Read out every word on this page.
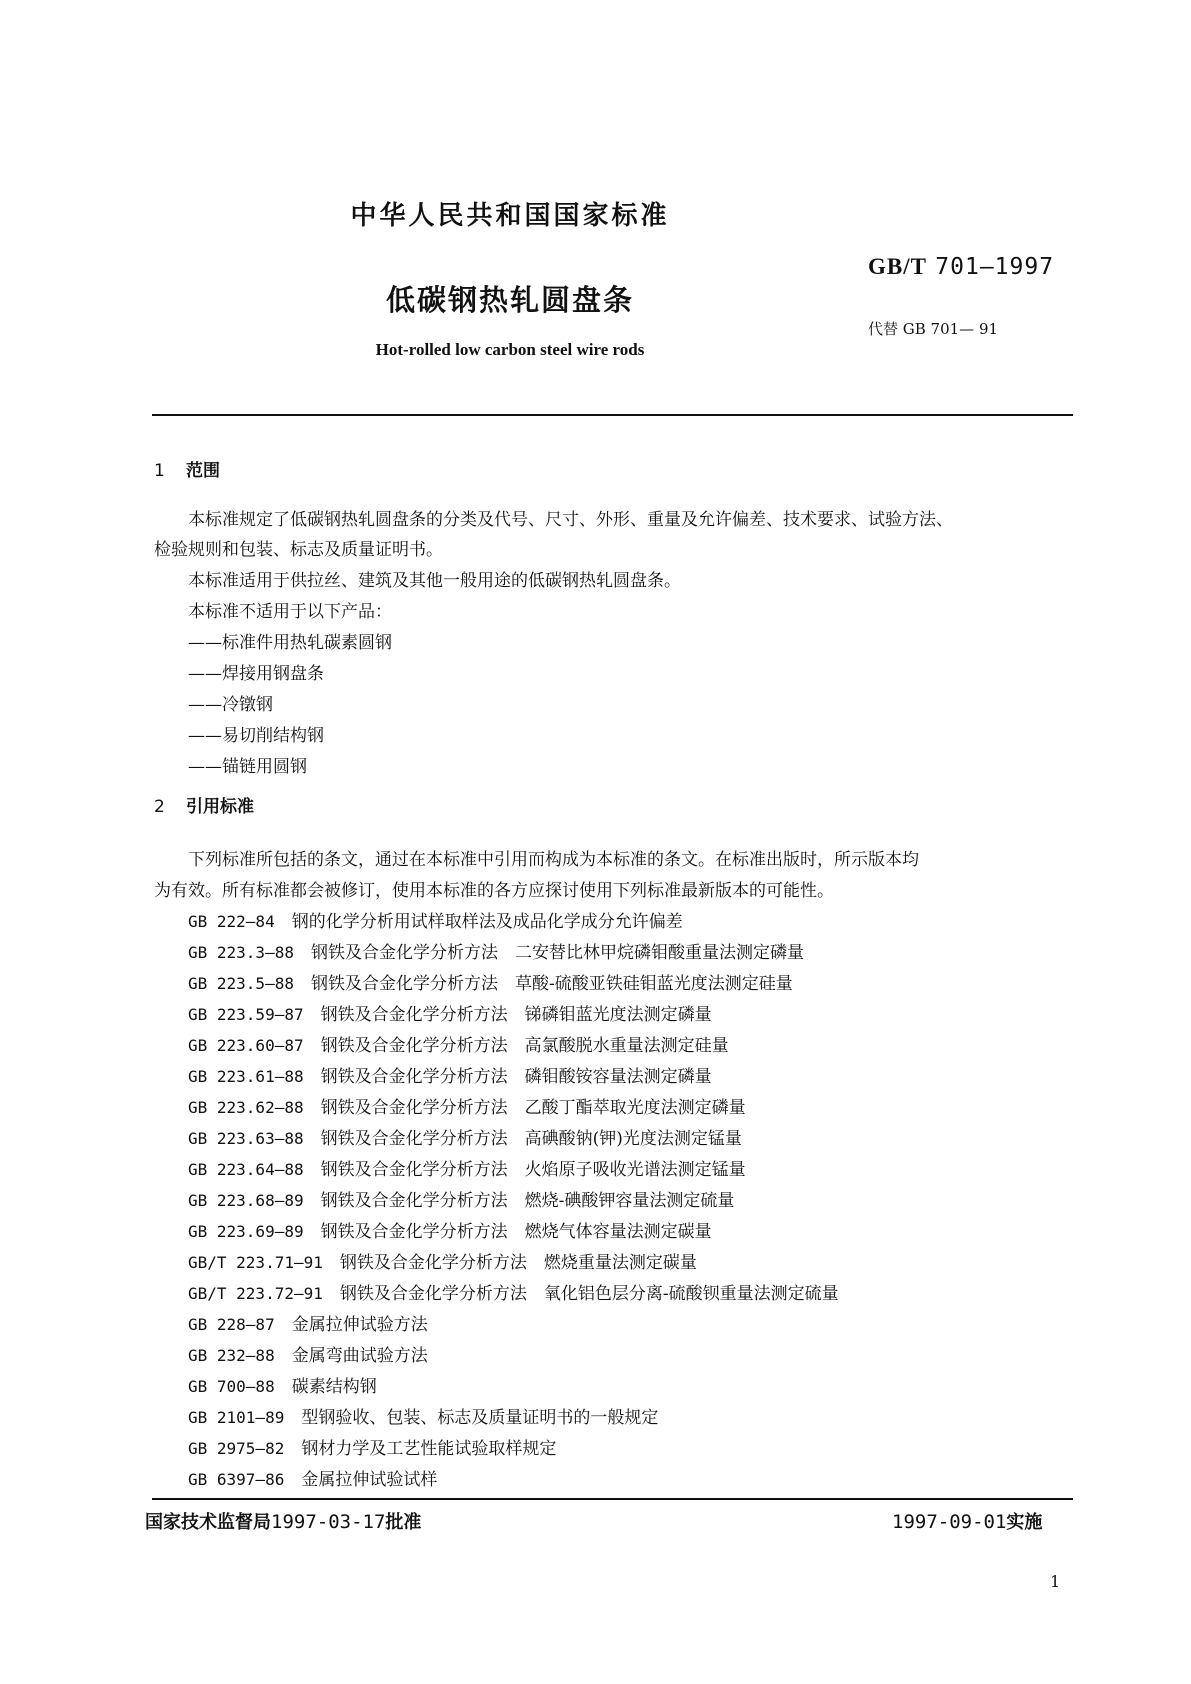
中华人民共和国国家标准
GB/T 701—1997
低碳钢热轧圆盘条
代替 GB 701— 91
Hot-rolled low carbon steel wire rods
1 范围
本标准规定了低碳钢热轧圆盘条的分类及代号、尺寸、外形、重量及允许偏差、技术要求、试验方法、
检验规则和包装、标志及质量证明书。
本标准适用于供拉丝、建筑及其他一般用途的低碳钢热轧圆盘条。
本标准不适用于以下产品：
——标准件用热轧碳素圆钢
——焊接用钢盘条
——冷镦钢
——易切削结构钢
——锚链用圆钢
2 引用标准
下列标准所包括的条文，通过在本标准中引用而构成为本标准的条文。在标准出版时，所示版本均
为有效。所有标准都会被修订，使用本标准的各方应探讨使用下列标准最新版本的可能性。
GB 222—84　 钢的化学分析用试样取样法及成品化学成分允许偏差
GB 223.3—88　 钢铁及合金化学分析方法　二安替比林甲烷磷钼酸重量法测定磷量
GB 223.5—88　 钢铁及合金化学分析方法　草酸-硫酸亚铁硅钼蓝光度法测定硅量
GB 223.59—87　 钢铁及合金化学分析方法　锑磷钼蓝光度法测定磷量
GB 223.60—87　 钢铁及合金化学分析方法　高氯酸脱水重量法测定硅量
GB 223.61—88　 钢铁及合金化学分析方法　磷钼酸铵容量法测定磷量
GB 223.62—88　 钢铁及合金化学分析方法　乙酸丁酯萃取光度法测定磷量
GB 223.63—88　 钢铁及合金化学分析方法　高碘酸钠(钾)光度法测定锰量
GB 223.64—88　 钢铁及合金化学分析方法　火焰原子吸收光谱法测定锰量
GB 223.68—89　 钢铁及合金化学分析方法　燃烧-碘酸钾容量法测定硫量
GB 223.69—89　 钢铁及合金化学分析方法　燃烧气体容量法测定碳量
GB/T 223.71—91　 钢铁及合金化学分析方法　燃烧重量法测定碳量
GB/T 223.72—91　 钢铁及合金化学分析方法　氧化铝色层分离-硫酸钡重量法测定硫量
GB 228—87　 金属拉伸试验方法
GB 232—88　 金属弯曲试验方法
GB 700—88　 碳素结构钢
GB 2101—89　 型钢验收、包装、标志及质量证明书的一般规定
GB 2975—82　 钢材力学及工艺性能试验取样规定
GB 6397—86　 金属拉伸试验试样
国家技术监督局1997-03-17批准	1997-09-01实施
1
